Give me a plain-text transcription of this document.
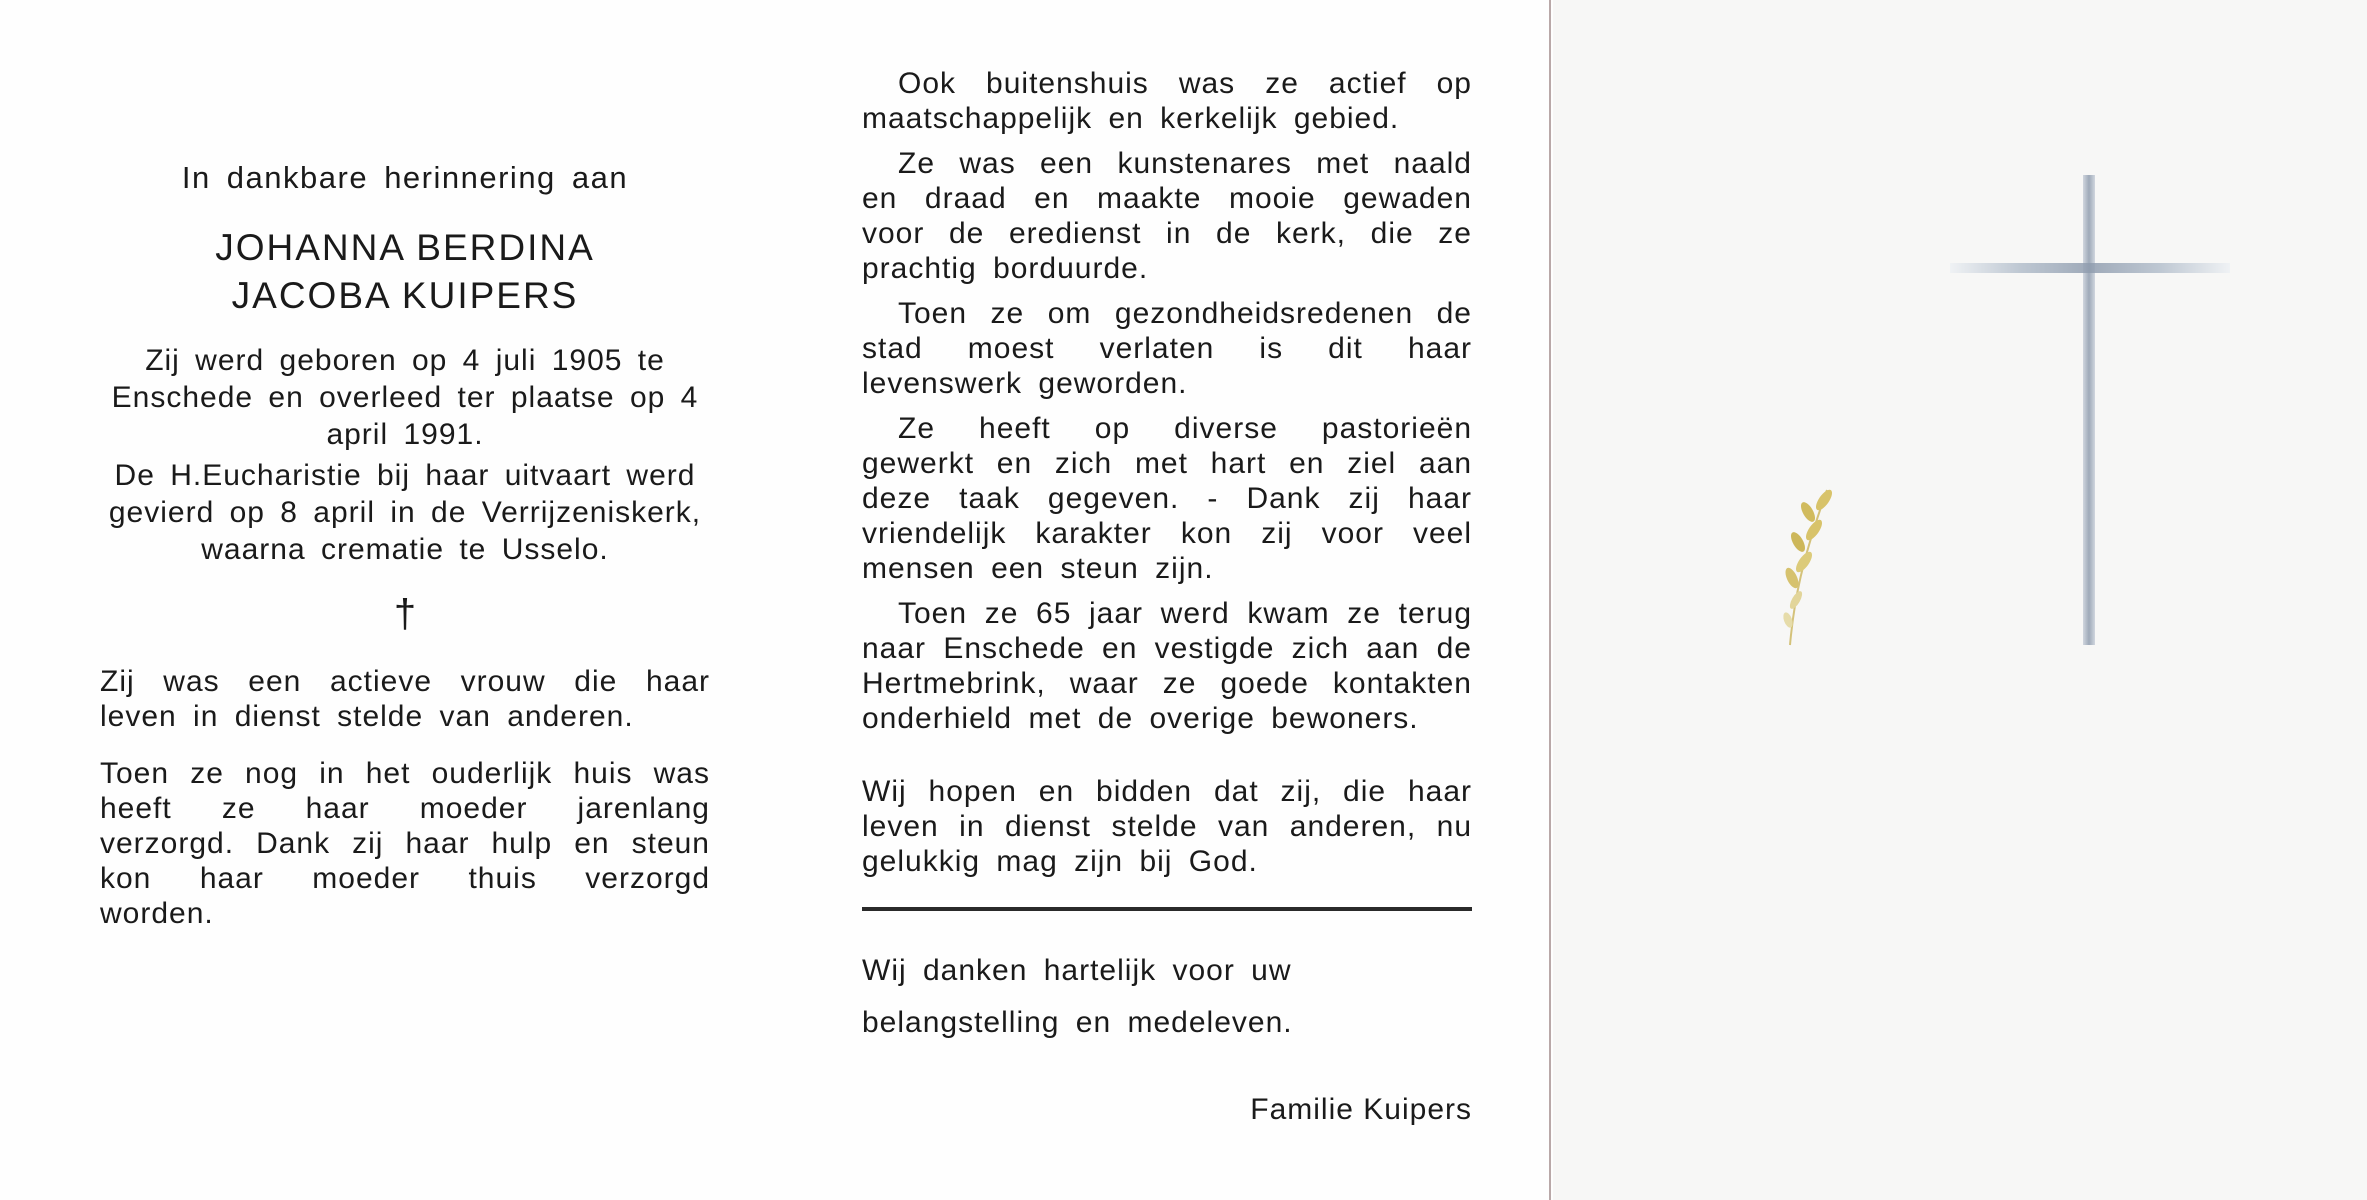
In dankbare herinnering aan

JOHANNA BERDINA

JACOBA KUIPERS

Zij werd geboren op 4 juli 1905 te Enschede en overleed ter plaatse op 4 april 1991.

De H.Eucharistie bij haar uitvaart werd gevierd op 8 april in de Verrijzeniskerk, waarna crematie te Usselo.

†

Zij was een actieve vrouw die haar leven in dienst stelde van anderen.

Toen ze nog in het ouderlijk huis was heeft ze haar moeder jarenlang verzorgd. Dank zij haar hulp en steun kon haar moeder thuis verzorgd worden.

Ook buitenshuis was ze actief op maatschappelijk en kerkelijk gebied.

Ze was een kunstenares met naald en draad en maakte mooie gewaden voor de eredienst in de kerk, die ze prachtig borduurde.

Toen ze om gezondheidsredenen de stad moest verlaten is dit haar levenswerk geworden.

Ze heeft op diverse pastorieën gewerkt en zich met hart en ziel aan deze taak gegeven. - Dank zij haar vriendelijk karakter kon zij voor veel mensen een steun zijn.

Toen ze 65 jaar werd kwam ze terug naar Enschede en vestigde zich aan de Hertmebrink, waar ze goede kontakten onderhield met de overige bewoners.

Wij hopen en bidden dat zij, die haar leven in dienst stelde van anderen, nu gelukkig mag zijn bij God.

Wij danken hartelijk voor uw belangstelling en medeleven.

Familie Kuipers
